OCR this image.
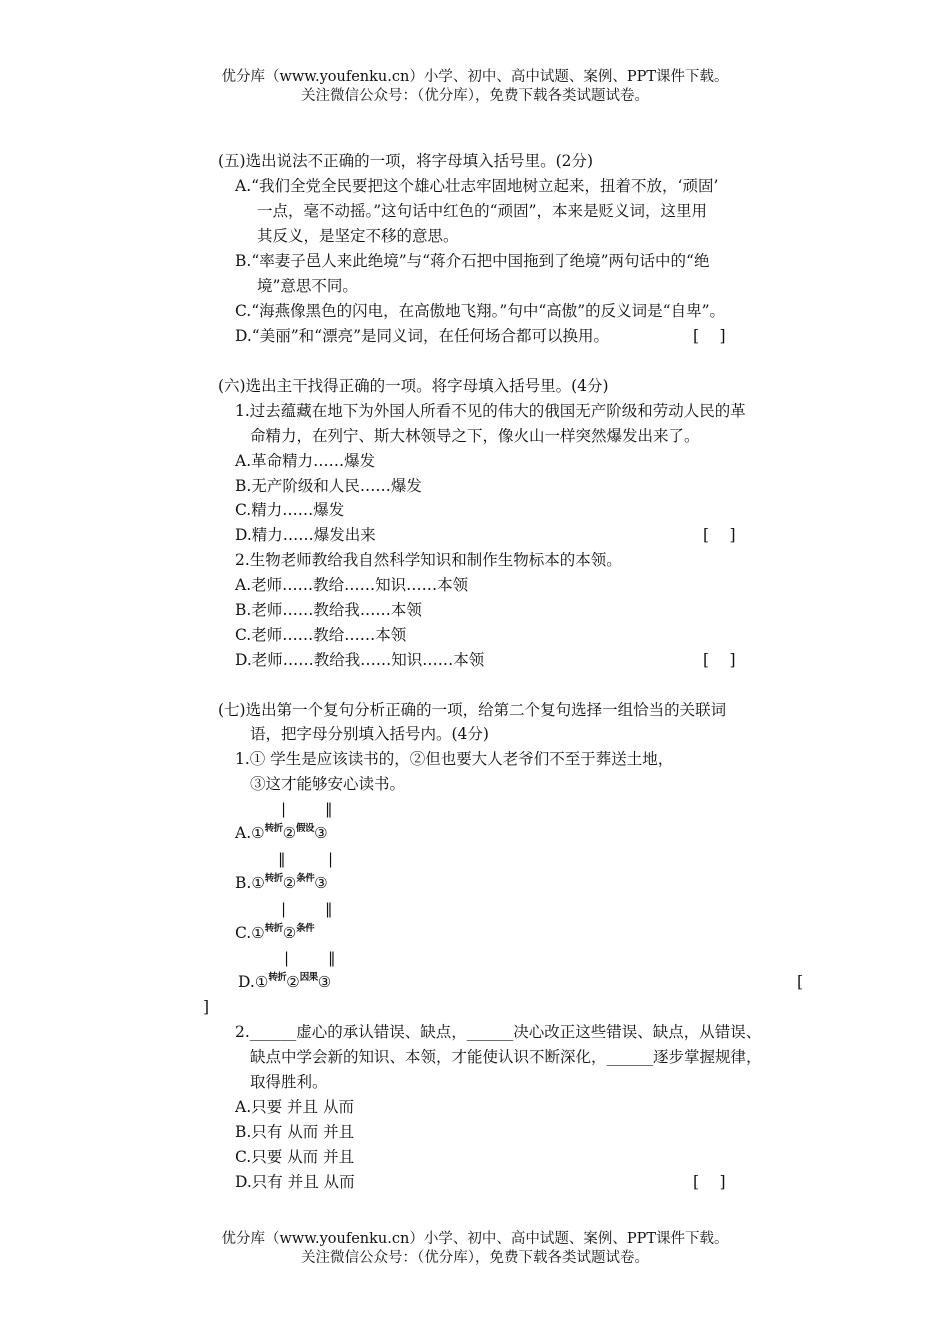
优分库（www.youfenku.cn）小学、初中、高中试题、案例、PPT课件下载。
关注微信公众号：（优分库），免费下载各类试题试卷。
(五)选出说法不正确的一项，将字母填入括号里。(2分)
A.“我们全党全民要把这个雄心壮志牢固地树立起来，扭着不放，‘顽固’
一点，毫不动摇。”这句话中红色的“顽固”，本来是贬义词，这里用
其反义，是坚定不移的意思。
B.“率妻子邑人来此绝境”与“蒋介石把中国拖到了绝境”两句话中的“绝
境”意思不同。
C.“海燕像黑色的闪电，在高傲地飞翔。”句中“高傲”的反义词是“自卑”。
D.“美丽”和“漂亮”是同义词，在任何场合都可以换用。	[　 ]
(六)选出主干找得正确的一项。将字母填入括号里。(4分)
1.过去蕴藏在地下为外国人所看不见的伟大的俄国无产阶级和劳动人民的革
命精力，在列宁、斯大林领导之下，像火山一样突然爆发出来了。
A.革命精力……爆发
B.无产阶级和人民……爆发
C.精力……爆发
D.精力……爆发出来	[　 ]
2.生物老师教给我自然科学知识和制作生物标本的本领。
A.老师……教给……知识……本领
B.老师……教给我……本领
C.老师……教给……本领
D.老师……教给我……知识……本领	[　 ]
(七)选出第一个复句分析正确的一项，给第二个复句选择一组恰当的关联词
语，把字母分别填入括号内。(4分)
1.① 学生是应该读书的，②但也要大人老爷们不至于葬送土地，
③这才能够安心读书。
|	‖
A.①$^{转折}$②$^{假设}$③
‖	|
B.①$^{转折}$②$^{条件}$③
|	‖
C.①$^{转折}$②$^{条件}$
|	‖
D.①$^{转折}$②$^{因果}$③	[
]
2.______虚心的承认错误、缺点，______决心改正这些错误、缺点，从错误、
缺点中学会新的知识、本领，才能使认识不断深化，______逐步掌握规律，
取得胜利。
A.只要 并且 从而
B.只有 从而 并且
C.只要 从而 并且
D.只有 并且 从而	[　 ]
优分库（www.youfenku.cn）小学、初中、高中试题、案例、PPT课件下载。
关注微信公众号：（优分库），免费下载各类试题试卷。
